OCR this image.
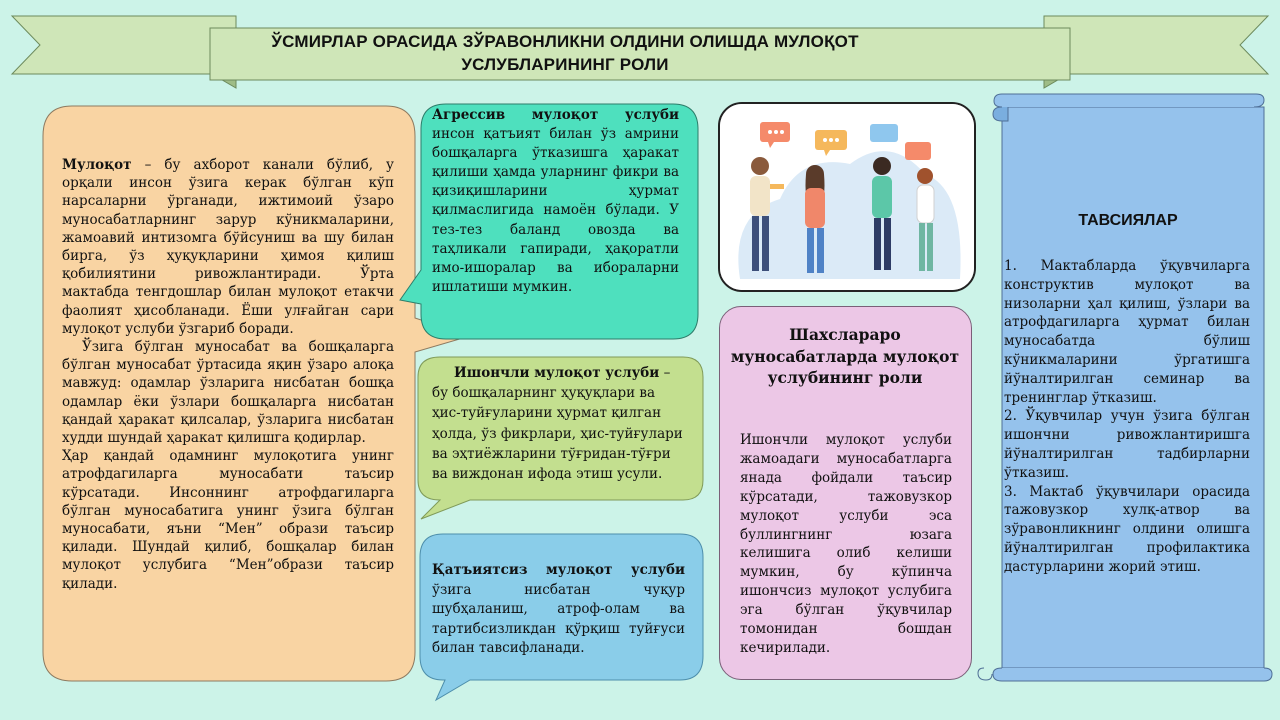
ЎСМИРЛАР ОРАСИДА ЗЎРАВОНЛИКНИ ОЛДИНИ ОЛИШДА МУЛОҚОТ УСЛУБЛАРИНИНГ РОЛИ

Мулоқот – бу ахборот канали бўлиб, у орқали инсон ўзига керак бўлган кўп нарсаларни ўрганади, ижтимоий ўзаро муносабатларнинг зарур кўникмаларини, жамоавий интизомга бўйсуниш ва шу билан бирга, ўз ҳуқуқларини ҳимоя қилиш қобилиятини ривожлантиради. Ўрта мактабда тенгдошлар билан мулоқот етакчи фаолият ҳисобланади. Ёши улғайган сари мулоқот услуби ўзгариб боради.

Ўзига бўлган муносабат ва бошқаларга бўлган муносабат ўртасида яқин ўзаро алоқа мавжуд: одамлар ўзларига нисбатан бошқа одамлар ёки ўзлари бошқаларга нисбатан қандай ҳаракат қилсалар, ўзларига нисбатан худди шундай ҳаракат қилишга қодирлар.

Ҳар қандай одамнинг мулоқотига унинг атрофдагиларга муносабати таъсир кўрсатади. Инсоннинг атрофдагиларга бўлган муносабатига унинг ўзига бўлган муносабати, яъни “Мен” образи таъсир қилади. Шундай қилиб, бошқалар билан мулоқот услубига “Мен”образи таъсир қилади.

Агрессив мулоқот услуби инсон қатъият билан ўз амрини бошқаларга ўтказишга ҳаракат қилиши ҳамда уларнинг фикри ва қизиқишларини ҳурмат қилмаслигида намоён бўлади. У тез-тез баланд овозда ва таҳликали гапиради, ҳақоратли имо-ишоралар ва ибораларни ишлатиши мумкин.
Ишончли мулоқот услуби – бу бошқаларнинг ҳуқуқлари ва ҳис-туйғуларини ҳурмат қилган ҳолда, ўз фикрлари, ҳис-туйғулари ва эҳтиёжларини тўғридан-тўғри ва виждонан ифода этиш усули.
Қатъиятсиз мулоқот услуби ўзига нисбатан чуқур шубҳаланиш, атроф-олам ва тартибсизликдан қўрқиш туйғуси билан тавсифланади.
Шахслараро муносабатларда мулоқот услубининг роли
Ишончли мулоқот услуби жамоадаги муносабатларга янада фойдали таъсир кўрсатади, тажовузкор мулоқот услуби эса буллингнинг юзага келишига олиб келиши мумкин, бу кўпинча ишончсиз мулоқот услубига эга бўлган ўқувчилар томонидан бошдан кечирилади.
ТАВСИЯЛАР

1. Мактабларда ўқувчиларга конструктив мулоқот ва низоларни ҳал қилиш, ўзлари ва атрофдагиларга ҳурмат билан муносабатда бўлиш кўникмаларини ўргатишга йўналтирилган семинар ва тренинглар ўтказиш.

2. Ўқувчилар учун ўзига бўлган ишончни ривожлантиришга йўналтирилган тадбирларни ўтказиш.

3. Мактаб ўқувчилари орасида тажовузкор хулқ-атвор ва зўравонликнинг олдини олишга йўналтирилган профилактика дастурларини жорий этиш.
